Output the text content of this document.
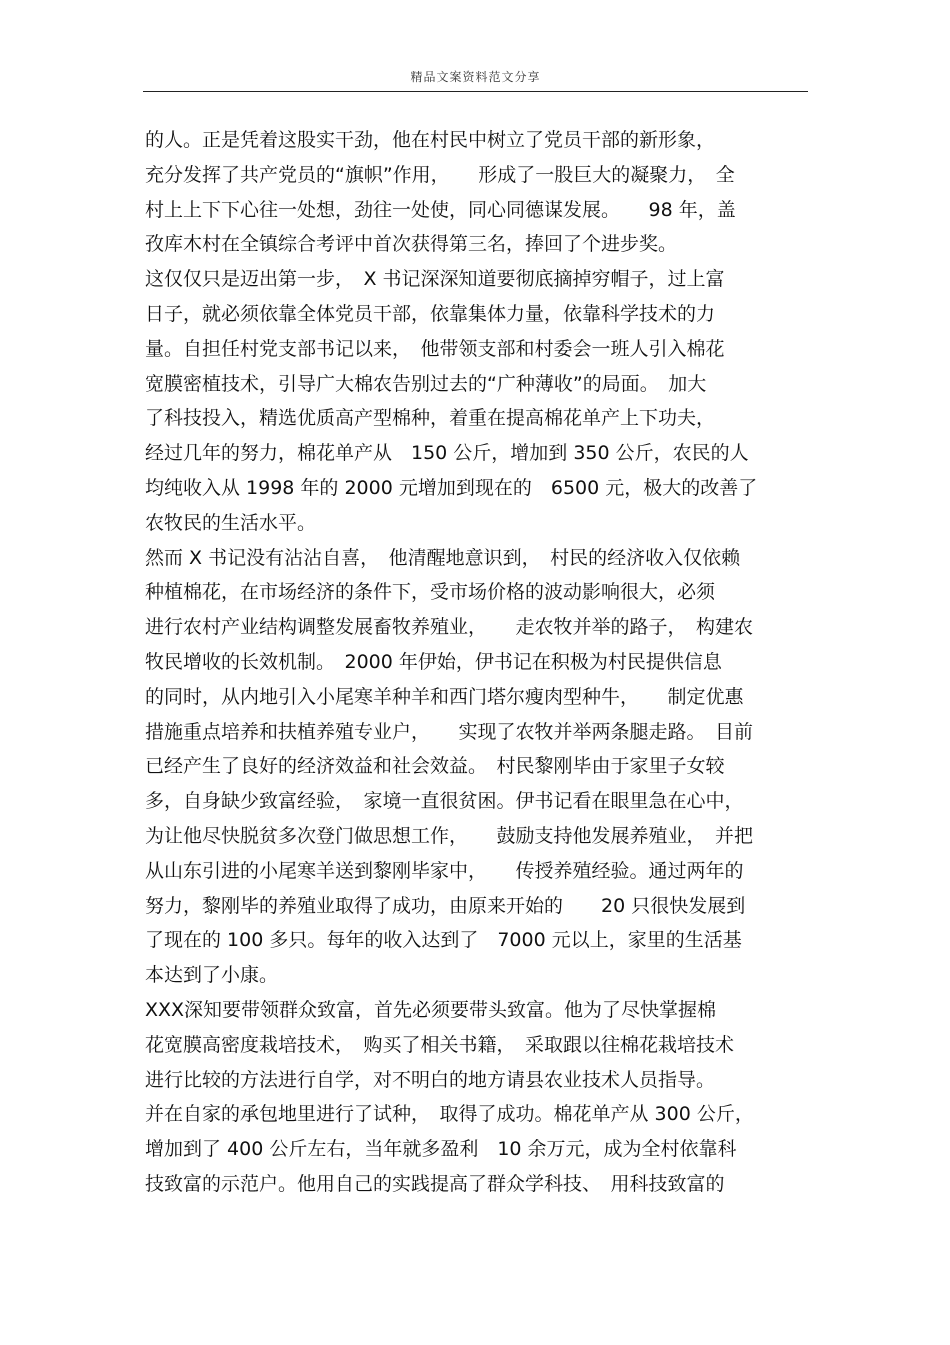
精品文案资料范文分享
的人。正是凭着这股实干劲，他在村民中树立了党员干部的新形象，
充分发挥了共产党员的“旗帜”作用，　　形成了一股巨大的凝聚力，　全
村上上下下心往一处想，劲往一处使，同心同德谋发展。　　98 年，盖
孜库木村在全镇综合考评中首次获得第三名，捧回了个进步奖。
这仅仅只是迈出第一步，　X 书记深深知道要彻底摘掉穷帽子，过上富
日子，就必须依靠全体党员干部，依靠集体力量，依靠科学技术的力
量。自担任村党支部书记以来，　他带领支部和村委会一班人引入棉花
宽膜密植技术，引导广大棉农告别过去的“广种薄收”的局面。　加大
了科技投入，精选优质高产型棉种，着重在提高棉花单产上下功夫，
经过几年的努力，棉花单产从　150 公斤，增加到 350 公斤，农民的人
均纯收入从 1998 年的 2000 元增加到现在的　6500 元，极大的改善了
农牧民的生活水平。
然而 X 书记没有沾沾自喜，　他清醒地意识到，　村民的经济收入仅依赖
种植棉花，在市场经济的条件下，受市场价格的波动影响很大，必须
进行农村产业结构调整发展畜牧养殖业，　　走农牧并举的路子，　构建农
牧民增收的长效机制。　2000 年伊始，伊书记在积极为村民提供信息
的同时，从内地引入小尾寒羊种羊和西门塔尔瘦肉型种牛，　　制定优惠
措施重点培养和扶植养殖专业户，　　实现了农牧并举两条腿走路。　目前
已经产生了良好的经济效益和社会效益。　村民黎刚毕由于家里子女较
多，自身缺少致富经验，　家境一直很贫困。伊书记看在眼里急在心中，
为让他尽快脱贫多次登门做思想工作，　　鼓励支持他发展养殖业，　并把
从山东引进的小尾寒羊送到黎刚毕家中，　　传授养殖经验。通过两年的
努力，黎刚毕的养殖业取得了成功，由原来开始的　　20 只很快发展到
了现在的 100 多只。每年的收入达到了　7000 元以上，家里的生活基
本达到了小康。
XXX深知要带领群众致富，首先必须要带头致富。他为了尽快掌握棉
花宽膜高密度栽培技术，　购买了相关书籍，　采取跟以往棉花栽培技术
进行比较的方法进行自学，对不明白的地方请县农业技术人员指导。
并在自家的承包地里进行了试种，　取得了成功。棉花单产从 300 公斤，
增加到了 400 公斤左右，当年就多盈利　10 余万元，成为全村依靠科
技致富的示范户。他用自己的实践提高了群众学科技、　用科技致富的
